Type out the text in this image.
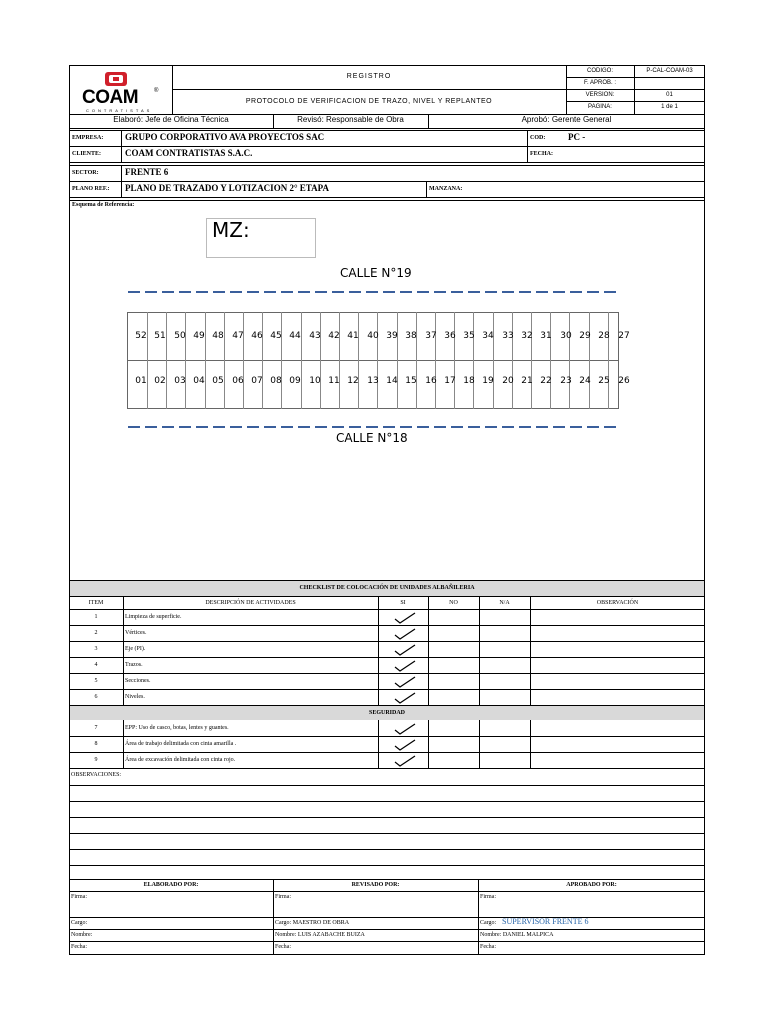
COAM	®
CONTRATISTAS
REGISTRO
PROTOCOLO DE VERIFICACION DE TRAZO, NIVEL Y REPLANTEO
CODIGO:	P-CAL-COAM-03
F. APROB. :
VERSION:	01
PAGINA:	1 de 1
Elaboró: Jefe de Oficina Técnica	Revisó: Responsable de Obra	Aprobó: Gerente General
EMPRESA: GRUPO CORPORATIVO AVA PROYECTOS SAC	COD:	PC -
CLIENTE:	COAM CONTRATISTAS S.A.C.	FECHA:
SECTOR:	FRENTE 6
PLANO REF.: PLANO DE TRAZADO Y LOTIZACION 2° ETAPA	MANZANA:
Esquema de Referencia:
MZ:
CALLE N°19
52 51 50 49 48 47 46 45 44 43 42 41 40 39 38 37 36 35 34 33 32 31 30 29 28 27
01 02 03 04 05 06 07 08 09 10 11 12 13 14 15 16 17 18 19 20 21 22 23 24 25 26
CALLE N°18
CHECKLIST DE COLOCACIÓN DE UNIDADES ALBAÑILERIA
ITEM	DESCRIPCIÓN DE ACTIVIDADES	SI	NO	N/A	OBSERVACIÓN
1	Limpieza de superficie.
2	Vértices.
3	Eje (PI).
4	Trazos.
5	Secciones.
6	Niveles.
SEGURIDAD
7	EPP: Uso de casco, botas, lentes y guantes.
8	Área de trabajo delimitada con cinta amarilla .
9	Área de excavación delimitada con cinta rojo.
OBSERVACIONES:
ELABORADO POR:	REVISADO POR:	APROBADO POR:
Firma:	Firma:	Firma:
Cargo:	Cargo: MAESTRO DE OBRA	Cargo: SUPERVISOR FRENTE 6
Nombre:	Nombre: LUIS AZABACHE BUIZA	Nombre: DANIEL MALPICA
Fecha:	Fecha:	Fecha:
